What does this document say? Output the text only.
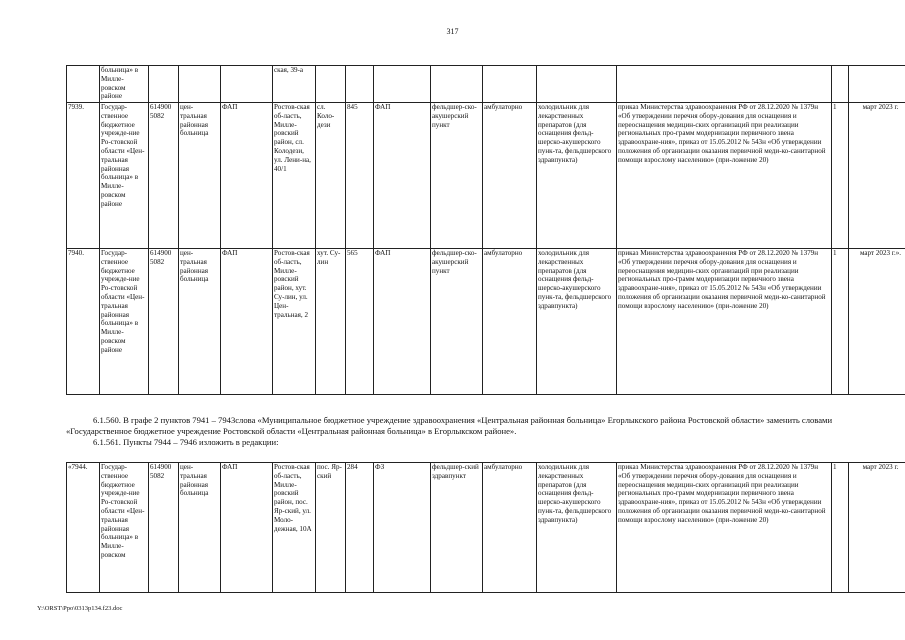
317
	больница» в Милле-ровском районе				ская, 39-а									
7939.	Государ-ственное бюджетное учрежде-ние Ро-стовской области «Цен-тральная районная больница» в Милле-ровском районе	614900 5082	цен-тральная районная больница	ФАП	Ростов-ская об-ласть, Милле-ровский район, сл. Колодези, ул. Лени-на, 40/1	сл. Коло-дези	845	ФАП	фельдшер-ско-акушерский пункт	амбулаторно	холодильник для лекарственных препаратов (для оснащения фельд-шерско-акушерского пунк-та, фельдшерского здравпункта)	приказ Министерства здравоохранения РФ от 28.12.2020 № 1379н «Об утверждении перечня обору-дования для оснащения и переоснащения медицин-ских организаций при реализации региональных про-грамм модернизации первичного звена здравоохране-ния», приказ от 15.05.2012 № 543н «Об утверждении положения об организации оказания первичной меди-ко-санитарной помощи взрослому населению» (при-ложение 20)	1	март 2023 г.
7940.	Государ-ственное бюджетное учрежде-ние Ро-стовской области «Цен-тральная районная больница» в Милле-ровском районе	614900 5082	цен-тральная районная больница	ФАП	Ростов-ская об-ласть, Милле-ровский район, хут. Су-лин, ул. Цен-тральная, 2	хут. Су-лин	565	ФАП	фельдшер-ско-акушерский пункт	амбулаторно	холодильник для лекарственных препаратов (для оснащения фельд-шерско-акушерского пунк-та, фельдшерского здравпункта)	приказ Министерства здравоохранения РФ от 28.12.2020 № 1379н «Об утверждении перечня обору-дования для оснащения и переоснащения медицин-ских организаций при реализации региональных про-грамм модернизации первичного звена здравоохране-ния», приказ от 15.05.2012 № 543н «Об утверждении положения об организации оказания первичной меди-ко-санитарной помощи взрослому населению» (при-ложение 20)	1	март 2023 г.».
6.1.560. В графе 2 пунктов 7941 – 7943слова «Муниципальное бюджетное учреждение здравоохранения «Центральная районная больница» Егорлыкского района Ростовской области» заменить словами «Государственное бюджетное учреждение Ростовской области «Центральная районная больница» в Егорлыкском районе».
6.1.561. Пункты 7944 – 7946 изложить в редакции:
«7944.	Государ-ственное бюджетное учрежде-ние Ро-стовской области «Цен-тральная районная больница» в Милле-ровском	614900 5082	цен-тральная районная больница	ФАП	Ростов-ская об-ласть, Милле-ровский район, пос. Яр-ский, ул. Моло-дежная, 10А	пос. Яр-ский	284	ФЗ	фельдшер-ский здравпункт	амбулаторно	холодильник для лекарственных препаратов (для оснащения фельд-шерско-акушерского пунк-та, фельдшерского здравпункта)	приказ Министерства здравоохранения РФ от 28.12.2020 № 1379н «Об утверждении перечня обору-дования для оснащения и переоснащения медицин-ских организаций при реализации региональных про-грамм модернизации первичного звена здравоохране-ния», приказ от 15.05.2012 № 543н «Об утверждении положения об организации оказания первичной меди-ко-санитарной помощи взрослому населению» (при-ложение 20)	1	март 2023 г.
Y:\ORST\Ppo\0313p134.f23.doc
